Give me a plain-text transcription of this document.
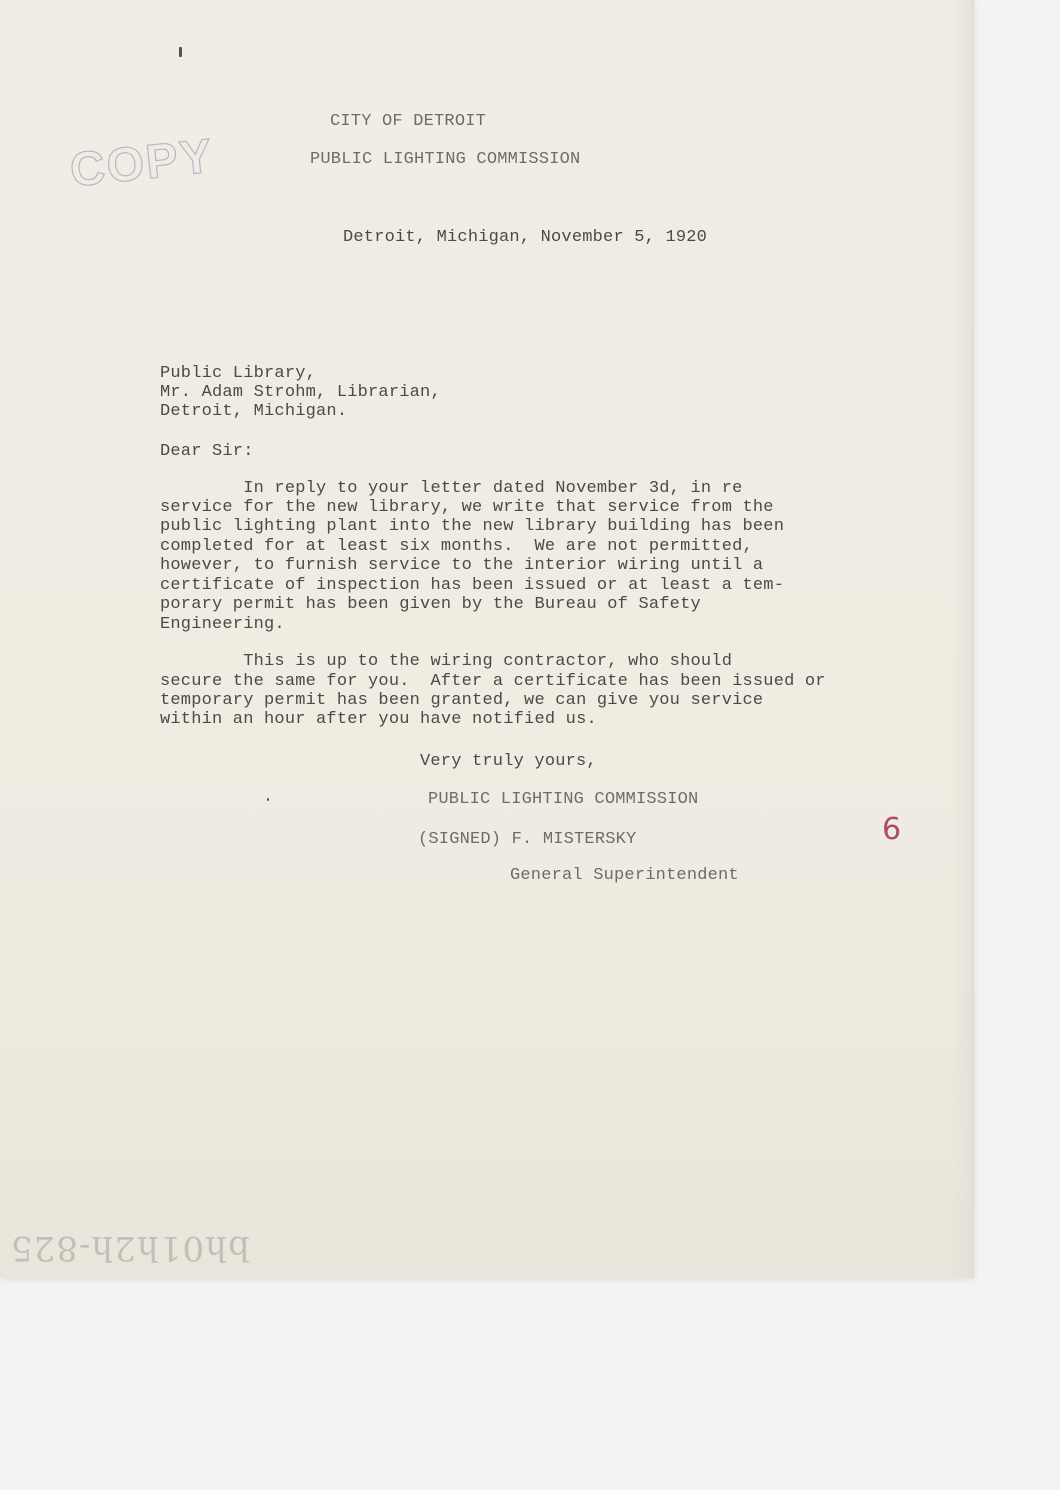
COPY
CITY OF DETROIT
PUBLIC LIGHTING COMMISSION
Detroit, Michigan, November 5, 1920
Public Library,
Mr. Adam Strohm, Librarian,
Detroit, Michigan.
Dear Sir:
In reply to your letter dated November 3d, in re
service for the new library, we write that service from the
public lighting plant into the new library building has been
completed for at least six months.  We are not permitted,
however, to furnish service to the interior wiring until a
certificate of inspection has been issued or at least a tem-
porary permit has been given by the Bureau of Safety
Engineering.
This is up to the wiring contractor, who should
secure the same for you.  After a certificate has been issued or
temporary permit has been granted, we can give you service
within an hour after you have notified us.
Very truly yours,
PUBLIC LIGHTING COMMISSION
(SIGNED) F. MISTERSKY
General Superintendent
6
bh01h2h-825
